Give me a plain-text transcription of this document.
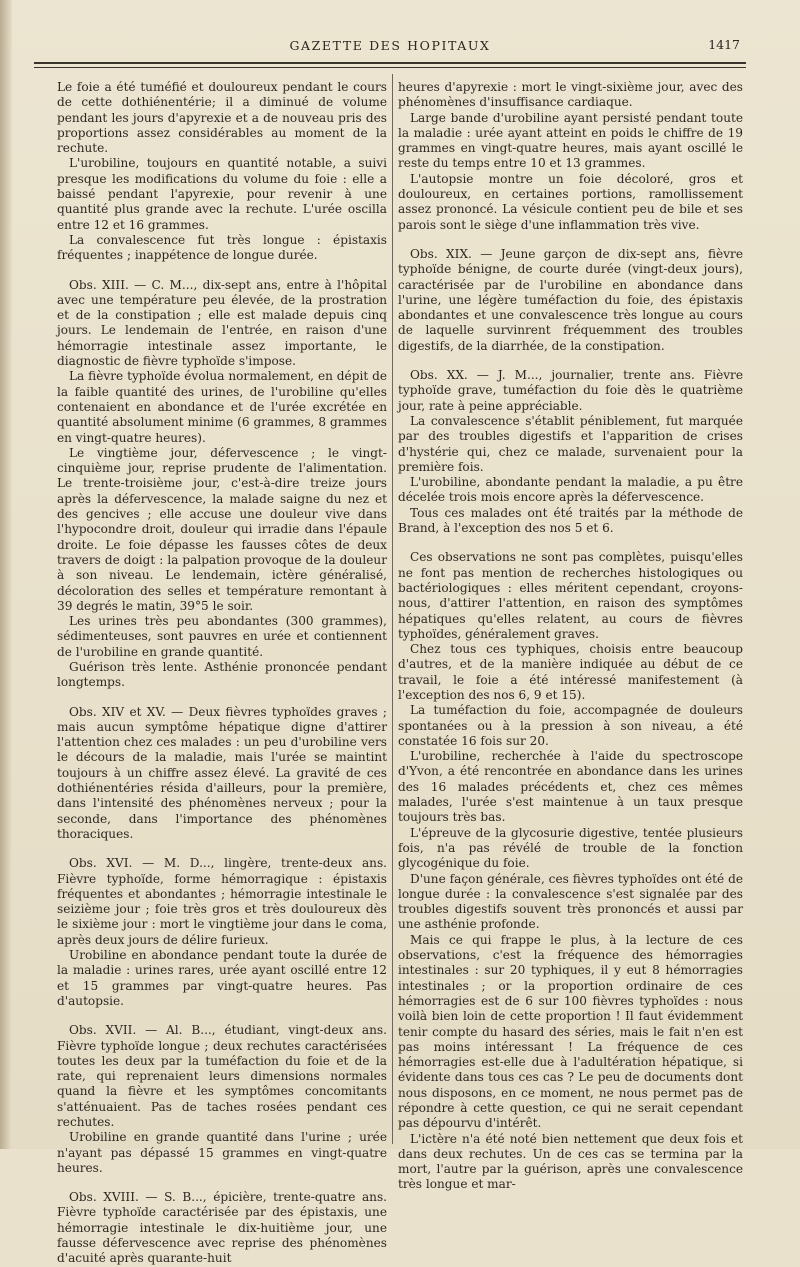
GAZETTE DES HOPITAUX	1417

Le foie a été tuméfié et douloureux pendant le cours de cette dothiénentérie; il a diminué de volume pendant les jours d'apyrexie et a de nouveau pris des proportions assez considérables au moment de la rechute.

L'urobiline, toujours en quantité notable, a suivi presque les modifications du volume du foie : elle a baissé pendant l'apyrexie, pour revenir à une quantité plus grande avec la rechute. L'urée oscilla entre 12 et 16 grammes.

La convalescence fut très longue : épistaxis fréquentes ; inappétence de longue durée.

Obs. XIII. — C. M..., dix-sept ans, entre à l'hôpital avec une température peu élevée, de la prostration et de la constipation ; elle est malade depuis cinq jours. Le lendemain de l'entrée, en raison d'une hémorragie intestinale assez importante, le diagnostic de fièvre typhoïde s'impose.

La fièvre typhoïde évolua normalement, en dépit de la faible quantité des urines, de l'urobiline qu'elles contenaient en abondance et de l'urée excrétée en quantité absolument minime (6 grammes, 8 grammes en vingt-quatre heures).

Le vingtième jour, défervescence ; le vingt-cinquième jour, reprise prudente de l'alimentation. Le trente-troisième jour, c'est-à-dire treize jours après la défervescence, la malade saigne du nez et des gencives ; elle accuse une douleur vive dans l'hypocondre droit, douleur qui irradie dans l'épaule droite. Le foie dépasse les fausses côtes de deux travers de doigt : la palpation provoque de la douleur à son niveau. Le lendemain, ictère généralisé, décoloration des selles et température remontant à 39 degrés le matin, 39°5 le soir.

Les urines très peu abondantes (300 grammes), sédimenteuses, sont pauvres en urée et contiennent de l'urobiline en grande quantité.

Guérison très lente. Asthénie prononcée pendant longtemps.

Obs. XIV et XV. — Deux fièvres typhoïdes graves ; mais aucun symptôme hépatique digne d'attirer l'attention chez ces malades : un peu d'urobiline vers le décours de la maladie, mais l'urée se maintint toujours à un chiffre assez élevé. La gravité de ces dothiénentéries résida d'ailleurs, pour la première, dans l'intensité des phénomènes nerveux ; pour la seconde, dans l'importance des phénomènes thoraciques.

Obs. XVI. — M. D..., lingère, trente-deux ans. Fièvre typhoïde, forme hémorragique : épistaxis fréquentes et abondantes ; hémorragie intestinale le seizième jour ; foie très gros et très douloureux dès le sixième jour : mort le vingtième jour dans le coma, après deux jours de délire furieux.

Urobiline en abondance pendant toute la durée de la maladie : urines rares, urée ayant oscillé entre 12 et 15 grammes par vingt-quatre heures. Pas d'autopsie.

Obs. XVII. — Al. B..., étudiant, vingt-deux ans. Fièvre typhoïde longue ; deux rechutes caractérisées toutes les deux par la tuméfaction du foie et de la rate, qui reprenaient leurs dimensions normales quand la fièvre et les symptômes concomitants s'atténuaient. Pas de taches rosées pendant ces rechutes.

Urobiline en grande quantité dans l'urine ; urée n'ayant pas dépassé 15 grammes en vingt-quatre heures.

Obs. XVIII. — S. B..., épicière, trente-quatre ans. Fièvre typhoïde caractérisée par des épistaxis, une hémorragie intestinale le dix-huitième jour, une fausse défervescence avec reprise des phénomènes d'acuité après quarante-huit

heures d'apyrexie : mort le vingt-sixième jour, avec des phénomènes d'insuffisance cardiaque.

Large bande d'urobiline ayant persisté pendant toute la maladie : urée ayant atteint en poids le chiffre de 19 grammes en vingt-quatre heures, mais ayant oscillé le reste du temps entre 10 et 13 grammes.

L'autopsie montre un foie décoloré, gros et douloureux, en certaines portions, ramollissement assez prononcé. La vésicule contient peu de bile et ses parois sont le siège d'une inflammation très vive.

Obs. XIX. — Jeune garçon de dix-sept ans, fièvre typhoïde bénigne, de courte durée (vingt-deux jours), caractérisée par de l'urobiline en abondance dans l'urine, une légère tuméfaction du foie, des épistaxis abondantes et une convalescence très longue au cours de laquelle survinrent fréquemment des troubles digestifs, de la diarrhée, de la constipation.

Obs. XX. — J. M..., journalier, trente ans. Fièvre typhoïde grave, tuméfaction du foie dès le quatrième jour, rate à peine appréciable.

La convalescence s'établit péniblement, fut marquée par des troubles digestifs et l'apparition de crises d'hystérie qui, chez ce malade, survenaient pour la première fois.

L'urobiline, abondante pendant la maladie, a pu être décelée trois mois encore après la défervescence.

Tous ces malades ont été traités par la méthode de Brand, à l'exception des nos 5 et 6.

Ces observations ne sont pas complètes, puisqu'elles ne font pas mention de recherches histologiques ou bactériologiques : elles méritent cependant, croyons-nous, d'attirer l'attention, en raison des symptômes hépatiques qu'elles relatent, au cours de fièvres typhoïdes, généralement graves.

Chez tous ces typhiques, choisis entre beaucoup d'autres, et de la manière indiquée au début de ce travail, le foie a été intéressé manifestement (à l'exception des nos 6, 9 et 15).

La tuméfaction du foie, accompagnée de douleurs spontanées ou à la pression à son niveau, a été constatée 16 fois sur 20.

L'urobiline, recherchée à l'aide du spectroscope d'Yvon, a été rencontrée en abondance dans les urines des 16 malades précédents et, chez ces mêmes malades, l'urée s'est maintenue à un taux presque toujours très bas.

L'épreuve de la glycosurie digestive, tentée plusieurs fois, n'a pas révélé de trouble de la fonction glycogénique du foie.

D'une façon générale, ces fièvres typhoïdes ont été de longue durée : la convalescence s'est signalée par des troubles digestifs souvent très prononcés et aussi par une asthénie profonde.

Mais ce qui frappe le plus, à la lecture de ces observations, c'est la fréquence des hémorragies intestinales : sur 20 typhiques, il y eut 8 hémorragies intestinales ; or la proportion ordinaire de ces hémorragies est de 6 sur 100 fièvres typhoïdes : nous voilà bien loin de cette proportion ! Il faut évidemment tenir compte du hasard des séries, mais le fait n'en est pas moins intéressant ! La fréquence de ces hémorragies est-elle due à l'adultération hépatique, si évidente dans tous ces cas ? Le peu de documents dont nous disposons, en ce moment, ne nous permet pas de répondre à cette question, ce qui ne serait cependant pas dépourvu d'intérêt.

L'ictère n'a été noté bien nettement que deux fois et dans deux rechutes. Un de ces cas se termina par la mort, l'autre par la guérison, après une convalescence très longue et mar-
